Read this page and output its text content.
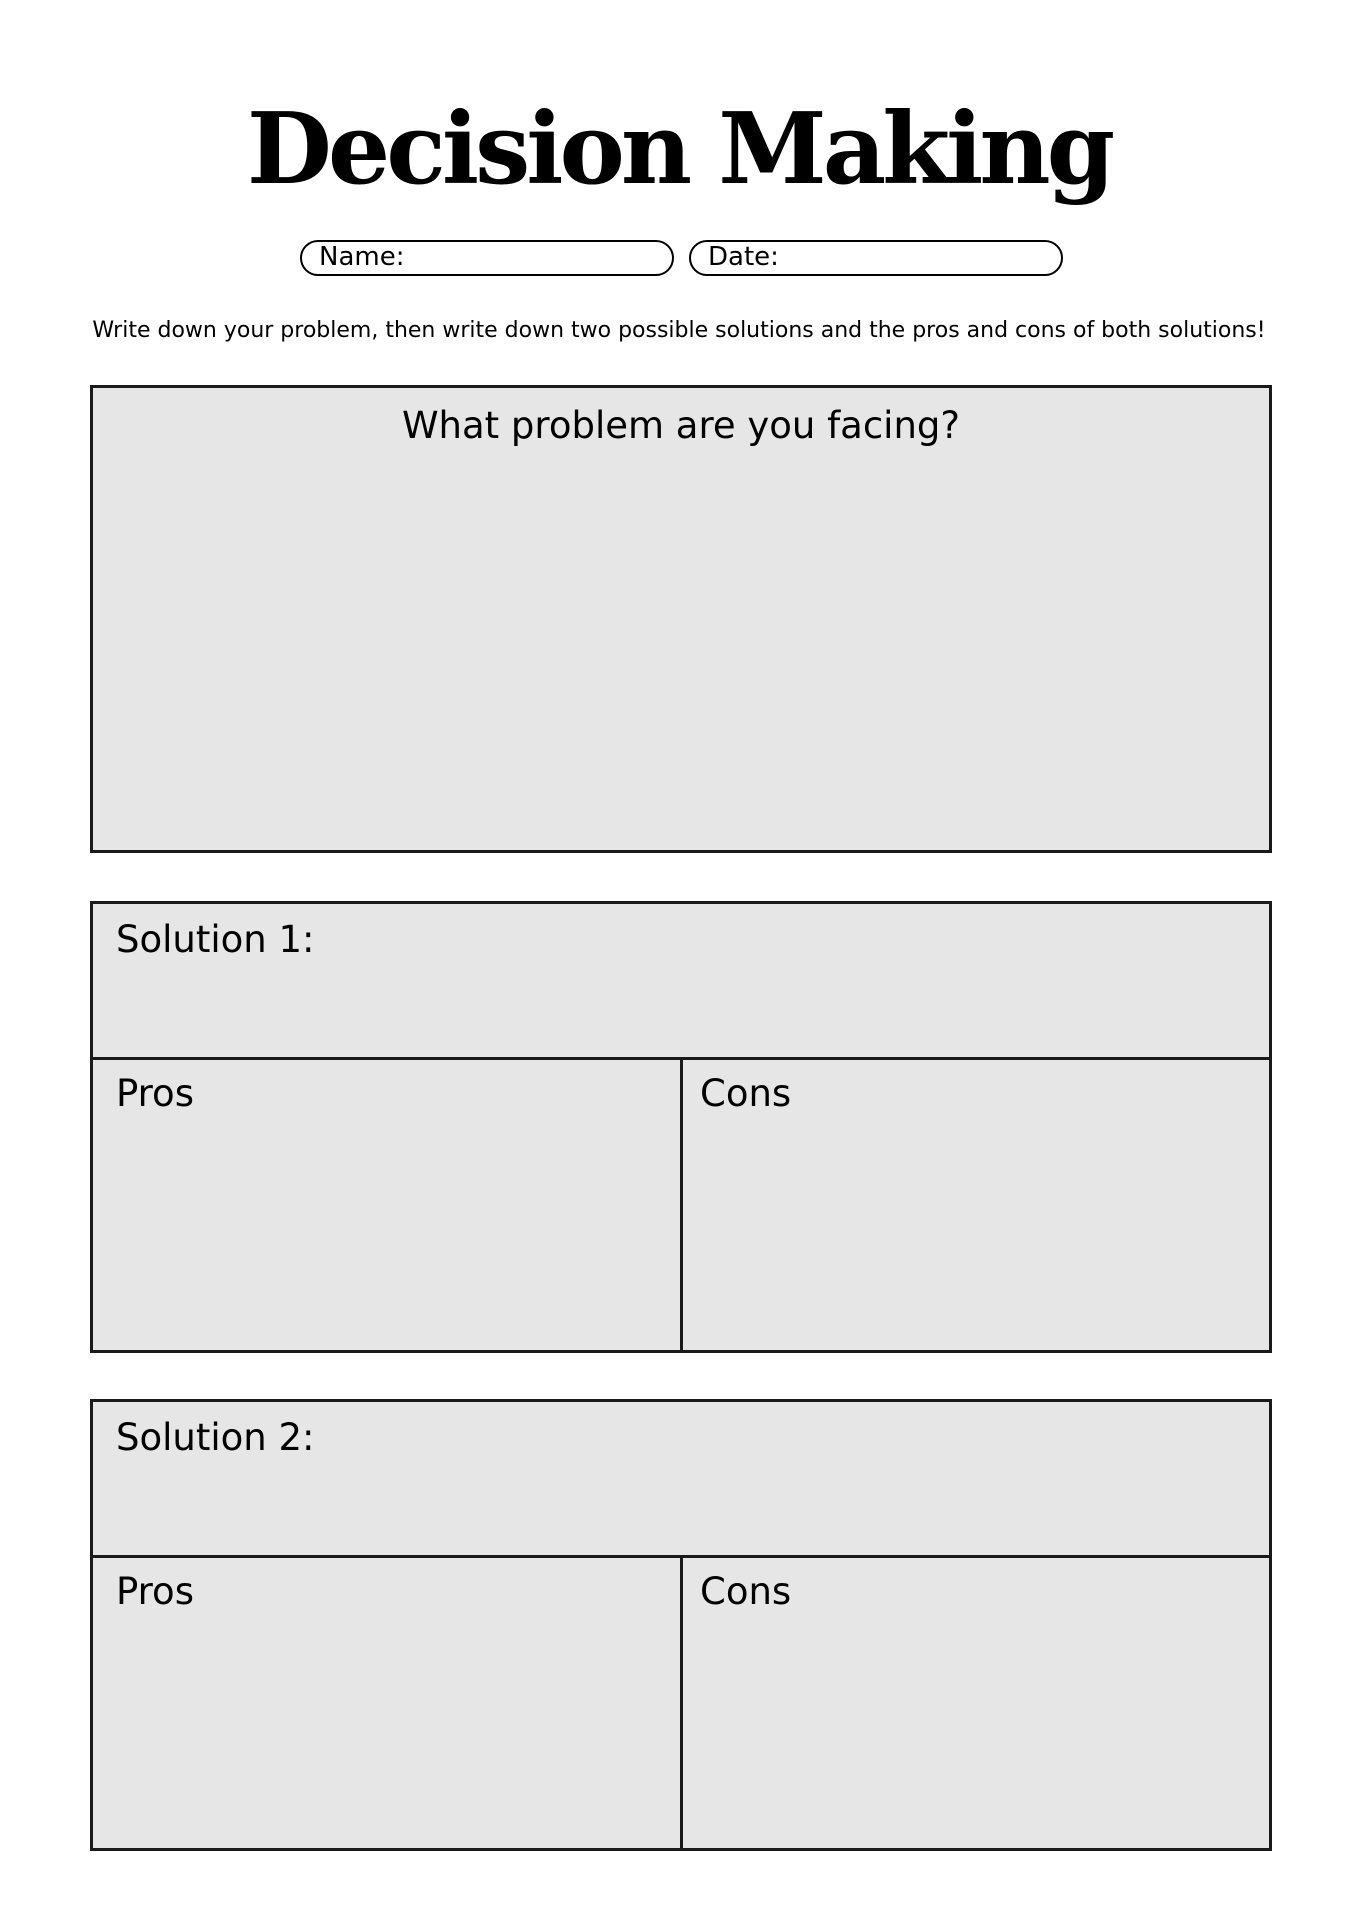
Decision Making
Name:	Date:

Write down your problem, then write down two possible solutions and the pros and cons of both solutions!

What problem are you facing?
Solution 1:
Pros	Cons
Solution 2:
Pros	Cons
